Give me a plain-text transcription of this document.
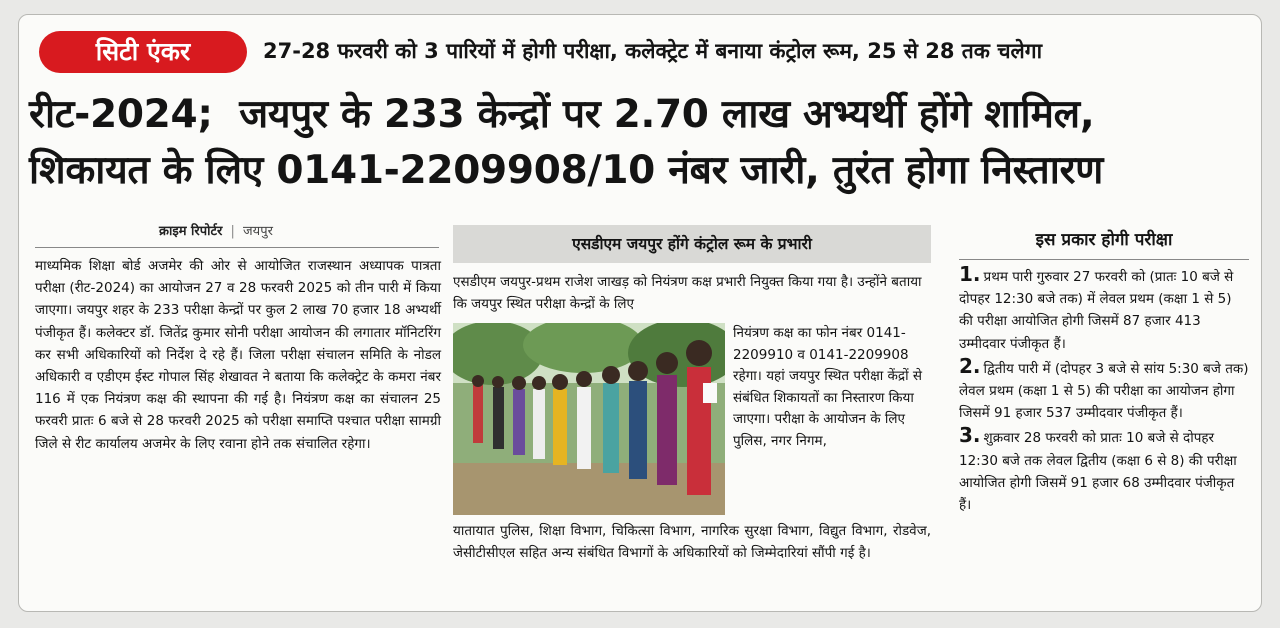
सिटी एंकर	27-28 फरवरी को 3 पारियों में होगी परीक्षा, कलेक्ट्रेट में बनाया कंट्रोल रूम, 25 से 28 तक चलेगा
रीट-2024;  जयपुर के 233 केन्द्रों पर 2.70 लाख अभ्यर्थी होंगे शामिल,
शिकायत के लिए 0141-2209908/10 नंबर जारी, तुरंत होगा निस्तारण
क्राइम रिपोर्टर | जयपुर
माध्यमिक शिक्षा बोर्ड अजमेर की ओर से आयोजित राजस्थान अध्यापक पात्रता परीक्षा (रीट-2024) का आयोजन 27 व 28 फरवरी 2025 को तीन पारी में किया जाएगा। जयपुर शहर के 233 परीक्षा केन्द्रों पर कुल 2 लाख 70 हजार 18 अभ्यर्थी पंजीकृत हैं। कलेक्टर डॉ. जितेंद्र कुमार सोनी परीक्षा आयोजन की लगातार मॉनिटरिंग कर सभी अधिकारियों को निर्देश दे रहे हैं। जिला परीक्षा संचालन समिति के नोडल अधिकारी व एडीएम ईस्ट गोपाल सिंह शेखावत ने बताया कि कलेक्ट्रेट के कमरा नंबर 116 में एक नियंत्रण कक्ष की स्थापना की गई है। नियंत्रण कक्ष का संचालन 25 फरवरी प्रातः 6 बजे से 28 फरवरी 2025 को परीक्षा समाप्ति पश्चात परीक्षा सामग्री जिले से रीट कार्यालय अजमेर के लिए रवाना होने तक संचालित रहेगा।
एसडीएम जयपुर होंगे कंट्रोल रूम के प्रभारी
एसडीएम जयपुर-प्रथम राजेश जाखड़ को नियंत्रण कक्ष प्रभारी नियुक्त किया गया है। उन्होंने बताया कि जयपुर स्थित परीक्षा केन्द्रों के लिए
नियंत्रण कक्ष का फोन नंबर 0141-2209910 व 0141-2209908 रहेगा। यहां जयपुर स्थित परीक्षा केंद्रों से संबंधित शिकायतों का निस्तारण किया जाएगा। परीक्षा के आयोजन के लिए पुलिस, नगर निगम,
यातायात पुलिस, शिक्षा विभाग, चिकित्सा विभाग, नागरिक सुरक्षा विभाग, विद्युत विभाग, रोडवेज, जेसीटीसीएल सहित अन्य संबंधित विभागों के अधिकारियों को जिम्मेदारियां सौंपी गई है।
इस प्रकार होगी परीक्षा

1. प्रथम पारी गुरुवार 27 फरवरी को (प्रातः 10 बजे से दोपहर 12:30 बजे तक) में लेवल प्रथम (कक्षा 1 से 5) की परीक्षा आयोजित होगी जिसमें 87 हजार 413 उम्मीदवार पंजीकृत हैं।

2. द्वितीय पारी में (दोपहर 3 बजे से सांय 5:30 बजे तक) लेवल प्रथम (कक्षा 1 से 5) की परीक्षा का आयोजन होगा जिसमें 91 हजार 537 उम्मीदवार पंजीकृत हैं।

3. शुक्रवार 28 फरवरी को प्रातः 10 बजे से दोपहर 12:30 बजे तक लेवल द्वितीय (कक्षा 6 से 8) की परीक्षा आयोजित होगी जिसमें 91 हजार 68 उम्मीदवार पंजीकृत हैं।
